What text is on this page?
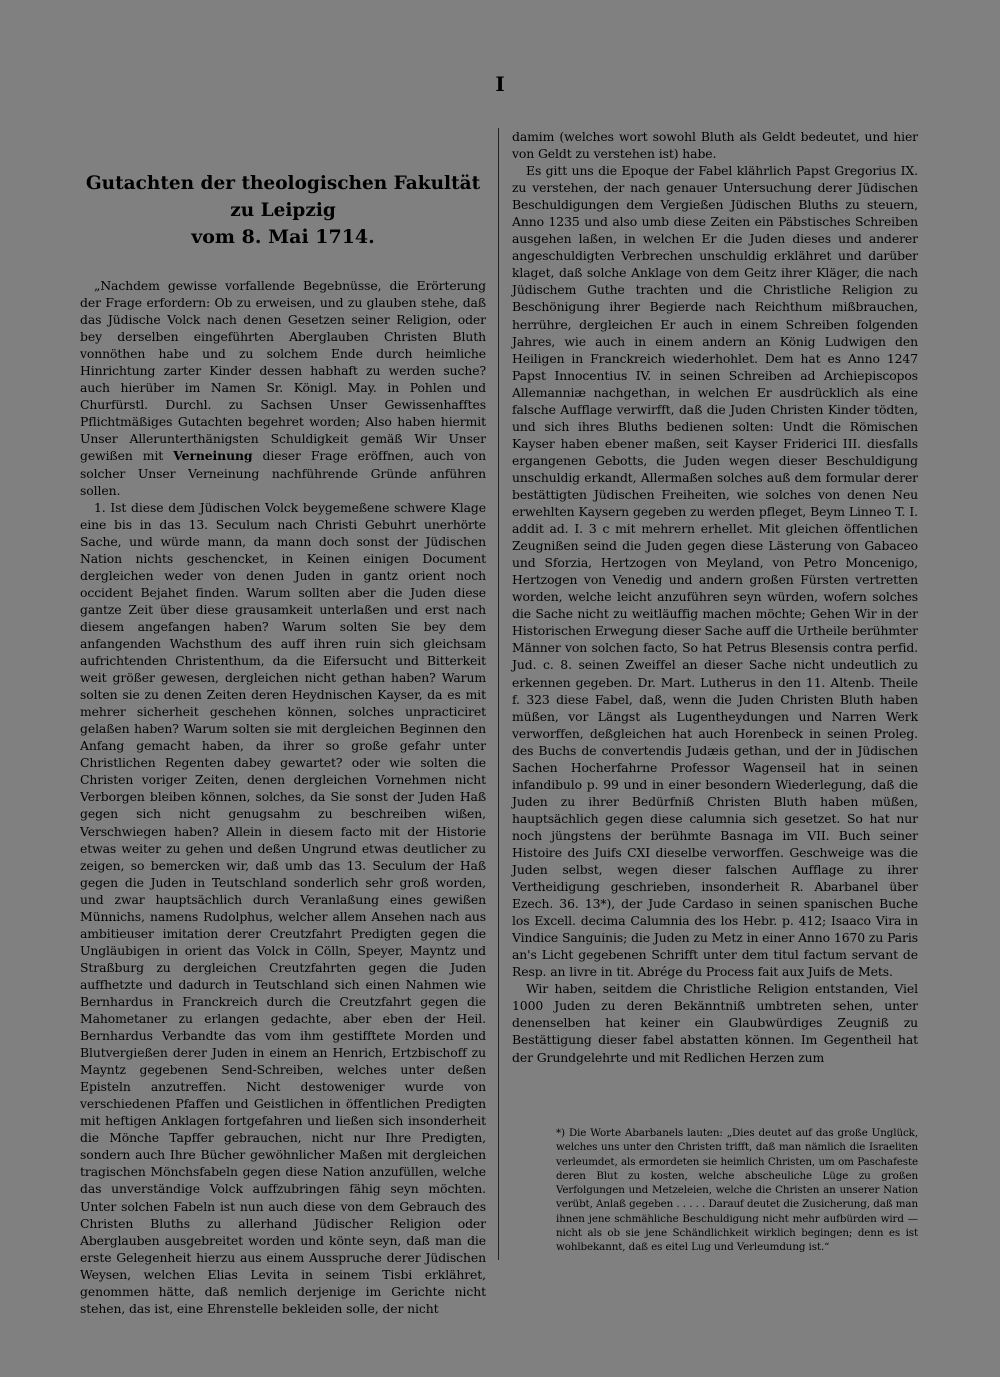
I
Gutachten der theologischen Fakultät zu Leipzig
vom 8. Mai 1714.

„Nachdem gewisse vorfallende Begebnüsse, die Erörterung der Frage erfordern: Ob zu erweisen, und zu glauben stehe, daß das Jüdische Volck nach denen Gesetzen seiner Religion, oder bey derselben eingeführten Aberglauben Christen Bluth vonnöthen habe und zu solchem Ende durch heimliche Hinrichtung zarter Kinder dessen habhaft zu werden suche? auch hierüber im Namen Sr. Königl. May. in Pohlen und Churfürstl. Durchl. zu Sachsen Unser Gewissenhafftes Pflichtmäßiges Gutachten begehret worden; Also haben hiermit Unser Allerunterthänigsten Schuldigkeit gemäß Wir Unser gewißen mit Verneinung dieser Frage eröffnen, auch von solcher Unser Verneinung nachführende Gründe anführen sollen.

1. Ist diese dem Jüdischen Volck beygemeßene schwere Klage eine bis in das 13. Seculum nach Christi Gebuhrt unerhörte Sache, und würde mann, da mann doch sonst der Jüdischen Nation nichts geschencket, in Keinen einigen Document dergleichen weder von denen Juden in gantz orient noch occident Bejahet finden. Warum sollten aber die Juden diese gantze Zeit über diese grausamkeit unterlaßen und erst nach diesem angefangen haben? Warum solten Sie bey dem anfangenden Wachsthum des auff ihren ruin sich gleichsam aufrichtenden Christenthum, da die Eifersucht und Bitterkeit weit größer gewesen, dergleichen nicht gethan haben? Warum solten sie zu denen Zeiten deren Heydnischen Kayser, da es mit mehrer sicherheit geschehen können, solches unpracticiret gelaßen haben? Warum solten sie mit dergleichen Beginnen den Anfang gemacht haben, da ihrer so große gefahr unter Christlichen Regenten dabey gewartet? oder wie solten die Christen voriger Zeiten, denen dergleichen Vornehmen nicht Verborgen bleiben können, solches, da Sie sonst der Juden Haß gegen sich nicht genugsahm zu beschreiben wißen, Verschwiegen haben? Allein in diesem facto mit der Historie etwas weiter zu gehen und deßen Ungrund etwas deutlicher zu zeigen, so bemercken wir, daß umb das 13. Seculum der Haß gegen die Juden in Teutschland sonderlich sehr groß worden, und zwar hauptsächlich durch Veranlaßung eines gewißen Münnichs, namens Rudolphus, welcher allem Ansehen nach aus ambitieuser imitation derer Creutzfahrt Predigten gegen die Ungläubigen in orient das Volck in Cölln, Speyer, Mayntz und Straßburg zu dergleichen Creutzfahrten gegen die Juden auffhetzte und dadurch in Teutschland sich einen Nahmen wie Bernhardus in Franckreich durch die Creutzfahrt gegen die Mahometaner zu erlangen gedachte, aber eben der Heil. Bernhardus Verbandte das vom ihm gestifftete Morden und Blutvergießen derer Juden in einem an Henrich, Ertzbischoff zu Mayntz gegebenen Send-Schreiben, welches unter deßen Episteln anzutreffen. Nicht destoweniger wurde von verschiedenen Pfaffen und Geistlichen in öffentlichen Predigten mit heftigen Anklagen fortgefahren und ließen sich insonderheit die Mönche Tapffer gebrauchen, nicht nur Ihre Predigten, sondern auch Ihre Bücher gewöhnlicher Maßen mit dergleichen tragischen Mönchsfabeln gegen diese Nation anzufüllen, welche das unverständige Volck auffzubringen fähig seyn möchten. Unter solchen Fabeln ist nun auch diese von dem Gebrauch des Christen Bluths zu allerhand Jüdischer Religion oder Aberglauben ausgebreitet worden und könte seyn, daß man die erste Gelegenheit hierzu aus einem Ausspruche derer Jüdischen Weysen, welchen Elias Levita in seinem Tisbi erklähret, genommen hätte, daß nemlich derjenige im Gerichte nicht stehen, das ist, eine Ehrenstelle bekleiden solle, der nicht

damim (welches wort sowohl Bluth als Geldt bedeutet, und hier von Geldt zu verstehen ist) habe.

Es gitt uns die Epoque der Fabel klährlich Papst Gregorius IX. zu verstehen, der nach genauer Untersuchung derer Jüdischen Beschuldigungen dem Vergießen Jüdischen Bluths zu steuern, Anno 1235 und also umb diese Zeiten ein Päbstisches Schreiben ausgehen laßen, in welchen Er die Juden dieses und anderer angeschuldigten Verbrechen unschuldig erklähret und darüber klaget, daß solche Anklage von dem Geitz ihrer Kläger, die nach Jüdischem Guthe trachten und die Christliche Religion zu Beschönigung ihrer Begierde nach Reichthum mißbrauchen, herrühre, dergleichen Er auch in einem Schreiben folgenden Jahres, wie auch in einem andern an König Ludwigen den Heiligen in Franckreich wiederhohlet. Dem hat es Anno 1247 Papst Innocentius IV. in seinen Schreiben ad Archiepiscopos Allemanniæ nachgethan, in welchen Er ausdrücklich als eine falsche Aufflage verwirfft, daß die Juden Christen Kinder tödten, und sich ihres Bluths bedienen solten: Undt die Römischen Kayser haben ebener maßen, seit Kayser Friderici III. diesfalls ergangenen Gebotts, die Juden wegen dieser Beschuldigung unschuldig erkandt, Allermaßen solches auß dem formular derer bestättigten Jüdischen Freiheiten, wie solches von denen Neu erwehlten Kaysern gegeben zu werden pfleget, Beym Linneo T. I. addit ad. I. 3 c mit mehrern erhellet. Mit gleichen öffentlichen Zeugnißen seind die Juden gegen diese Lästerung von Gabaceo und Sforzia, Hertzogen von Meyland, von Petro Moncenigo, Hertzogen von Venedig und andern großen Fürsten vertretten worden, welche leicht anzuführen seyn würden, wofern solches die Sache nicht zu weitläuffig machen möchte; Gehen Wir in der Historischen Erwegung dieser Sache auff die Urtheile berühmter Männer von solchen facto, So hat Petrus Blesensis contra perfid. Jud. c. 8. seinen Zweiffel an dieser Sache nicht undeutlich zu erkennen gegeben. Dr. Mart. Lutherus in den 11. Altenb. Theile f. 323 diese Fabel, daß, wenn die Juden Christen Bluth haben müßen, vor Längst als Lugentheydungen und Narren Werk verworffen, deßgleichen hat auch Horenbeck in seinen Proleg. des Buchs de convertendis Judæis gethan, und der in Jüdischen Sachen Hocherfahrne Professor Wagenseil hat in seinen infandibulo p. 99 und in einer besondern Wiederlegung, daß die Juden zu ihrer Bedürfniß Christen Bluth haben müßen, hauptsächlich gegen diese calumnia sich gesetzet. So hat nur noch jüngstens der berühmte Basnaga im VII. Buch seiner Histoire des Juifs CXI dieselbe verworffen. Geschweige was die Juden selbst, wegen dieser falschen Aufflage zu ihrer Vertheidigung geschrieben, insonderheit R. Abarbanel über Ezech. 36. 13*), der Jude Cardaso in seinen spanischen Buche los Excell. decima Calumnia des los Hebr. p. 412; Isaaco Vira in Vindice Sanguinis; die Juden zu Metz in einer Anno 1670 zu Paris an's Licht gegebenen Schrifft unter dem titul factum servant de Resp. an livre in tit. Abrége du Process fait aux Juifs de Mets.

Wir haben, seitdem die Christliche Religion entstanden, Viel 1000 Juden zu deren Bekänntniß umbtreten sehen, unter denenselben hat keiner ein Glaubwürdiges Zeugniß zu Bestättigung dieser fabel abstatten können. Im Gegentheil hat der Grundgelehrte und mit Redlichen Herzen zum

*) Die Worte Abarbanels lauten: „Dies deutet auf das große Unglück, welches uns unter den Christen trifft, daß man nämlich die Israeliten verleumdet, als ermordeten sie heimlich Christen, um om Paschafeste deren Blut zu kosten, welche abscheuliche Lüge zu großen Verfolgungen und Metzeleien, welche die Christen an unserer Nation verübt, Anlaß gegeben . . . . . Darauf deutet die Zusicherung, daß man ihnen jene schmähliche Beschuldigung nicht mehr aufbürden wird — nicht als ob sie jene Schändlichkeit wirklich begingen; denn es ist wohlbekannt, daß es eitel Lug und Verleumdung ist.“
